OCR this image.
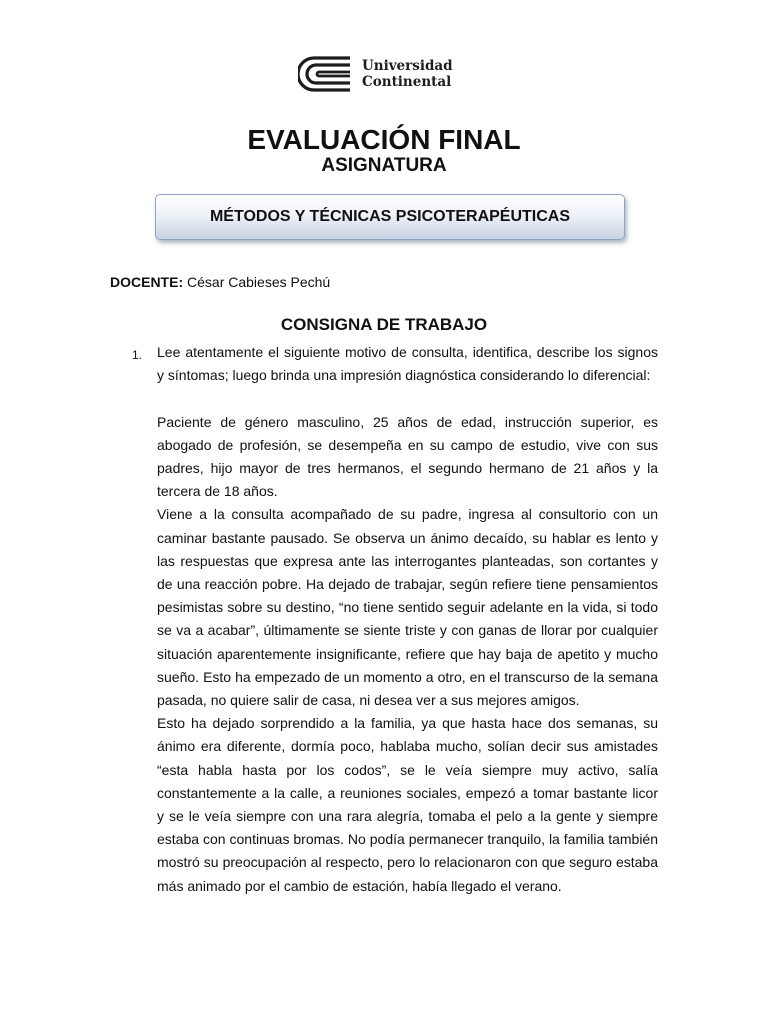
Universidad
Continental
EVALUACIÓN FINAL
ASIGNATURA
MÉTODOS Y TÉCNICAS PSICOTERAPÉUTICAS
DOCENTE: César Cabieses Pechú
CONSIGNA DE TRABAJO
1. Lee atentamente el siguiente motivo de consulta, identifica, describe los signos y síntomas; luego brinda una impresión diagnóstica considerando lo diferencial:

Paciente de género masculino, 25 años de edad, instrucción superior, es abogado de profesión, se desempeña en su campo de estudio, vive con sus padres, hijo mayor de tres hermanos, el segundo hermano de 21 años y la tercera de 18 años.

Viene a la consulta acompañado de su padre, ingresa al consultorio con un caminar bastante pausado. Se observa un ánimo decaído, su hablar es lento y las respuestas que expresa ante las interrogantes planteadas, son cortantes y de una reacción pobre. Ha dejado de trabajar, según refiere tiene pensamientos pesimistas sobre su destino, “no tiene sentido seguir adelante en la vida, si todo se va a acabar”, últimamente se siente triste y con ganas de llorar por cualquier situación aparentemente insignificante, refiere que hay baja de apetito y mucho sueño. Esto ha empezado de un momento a otro, en el transcurso de la semana pasada, no quiere salir de casa, ni desea ver a sus mejores amigos.

Esto ha dejado sorprendido a la familia, ya que hasta hace dos semanas, su ánimo era diferente, dormía poco, hablaba mucho, solían decir sus amistades “esta habla hasta por los codos”, se le veía siempre muy activo, salía constantemente a la calle, a reuniones sociales, empezó a tomar bastante licor y se le veía siempre con una rara alegría, tomaba el pelo a la gente y siempre estaba con continuas bromas. No podía permanecer tranquilo, la familia también mostró su preocupación al respecto, pero lo relacionaron con que seguro estaba más animado por el cambio de estación, había llegado el verano.
